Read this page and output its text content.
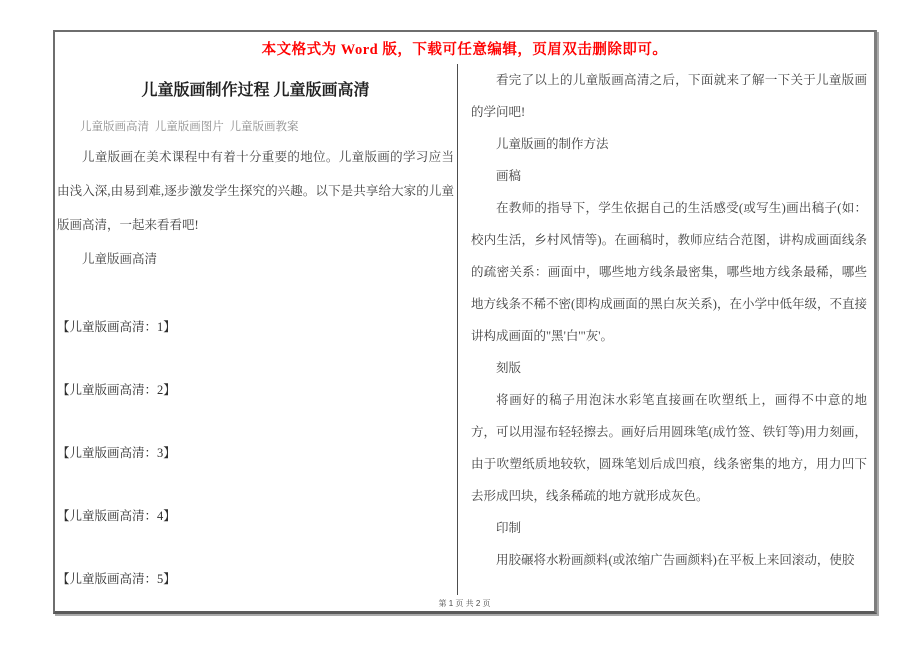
本文格式为 Word 版，下载可任意编辑，页眉双击删除即可。
儿童版画制作过程 儿童版画高清

儿童版画高清  儿童版画图片  儿童版画教案

儿童版画在美术课程中有着十分重要的地位。儿童版画的学习应当由浅入深,由易到难,逐步激发学生探究的兴趣。以下是共享给大家的儿童版画高清，一起来看看吧!

儿童版画高清

【儿童版画高清：1】
【儿童版画高清：2】
【儿童版画高清：3】
【儿童版画高清：4】
【儿童版画高清：5】

看完了以上的儿童版画高清之后，下面就来了解一下关于儿童版画的学问吧!

儿童版画的制作方法

画稿

在教师的指导下，学生依据自己的生活感受(或写生)画出稿子(如：校内生活，乡村风情等)。在画稿时，教师应结合范图，讲构成画面线条的疏密关系：画面中，哪些地方线条最密集，哪些地方线条最稀，哪些地方线条不稀不密(即构成画面的黑白灰关系)，在小学中低年级，不直接讲构成画面的"黑'白'"灰'。

刻版

将画好的稿子用泡沫水彩笔直接画在吹塑纸上，画得不中意的地方，可以用湿布轻轻擦去。画好后用圆珠笔(成竹签、铁钉等)用力刻画，由于吹塑纸质地较软，圆珠笔划后成凹痕，线条密集的地方，用力凹下去形成凹块，线条稀疏的地方就形成灰色。

印制

用胶碾将水粉画颜料(或浓缩广告画颜料)在平板上来回滚动，使胶

第 1 页 共 2 页
